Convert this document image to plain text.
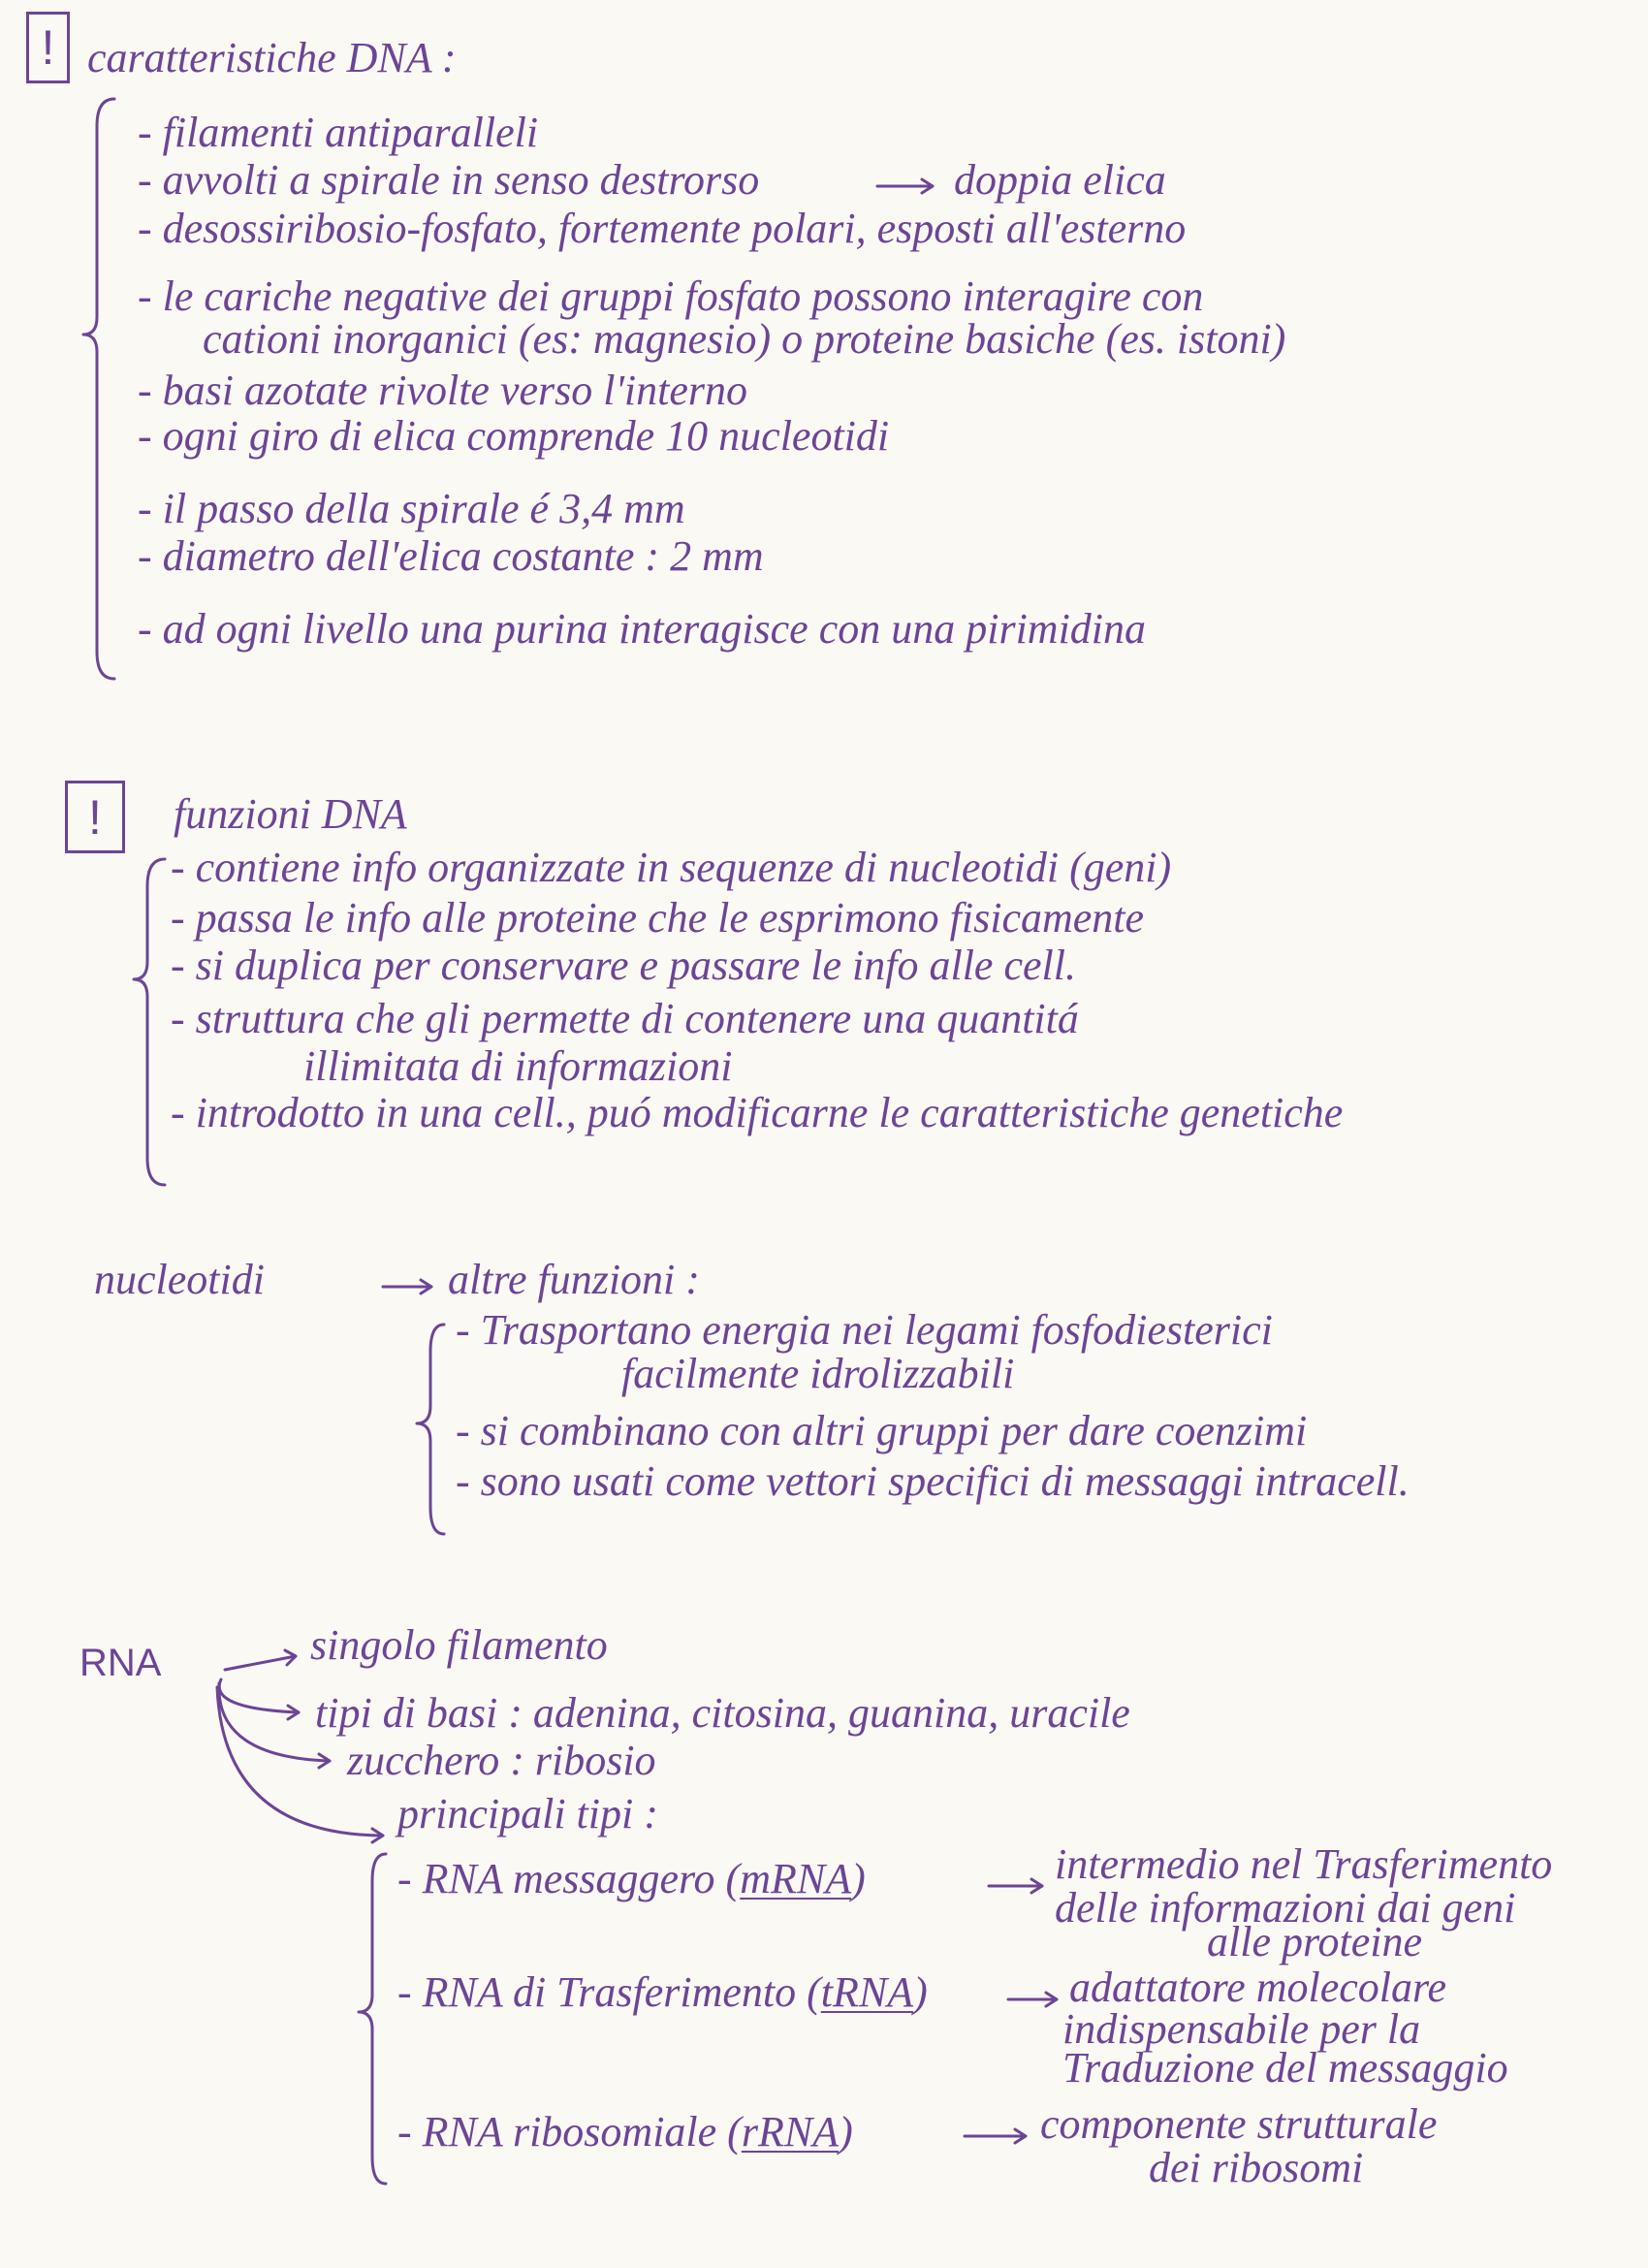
! caratteristiche DNA :
- filamenti antiparalleli
- avvolti a spirale in senso destrorso	doppia elica
- desossiribosio-fosfato, fortemente polari, esposti all'esterno
- le cariche negative dei gruppi fosfato possono interagire con
cationi inorganici (es: magnesio) o proteine basiche (es. istoni)
- basi azotate rivolte verso l'interno
- ogni giro di elica comprende 10 nucleotidi
- il passo della spirale é 3,4 mm
- diametro dell'elica costante : 2 mm
- ad ogni livello una purina interagisce con una pirimidina
! funzioni DNA
- contiene info organizzate in sequenze di nucleotidi (geni)
- passa le info alle proteine che le esprimono fisicamente
- si duplica per conservare e passare le info alle cell.
- struttura che gli permette di contenere una quantitá
illimitata di informazioni
- introdotto in una cell., puó modificarne le caratteristiche genetiche
nucleotidi	altre funzioni :
- Trasportano energia nei legami fosfodiesterici
facilmente idrolizzabili
- si combinano con altri gruppi per dare coenzimi
- sono usati come vettori specifici di messaggi intracell.
RNA	singolo filamento
tipi di basi : adenina, citosina, guanina, uracile
zucchero : ribosio
principali tipi :
- RNA messaggero (mRNA)	intermedio nel Trasferimento
delle informazioni dai geni
alle proteine
- RNA di Trasferimento (tRNA)	adattatore molecolare
indispensabile per la
Traduzione del messaggio
- RNA ribosomiale (rRNA)	componente strutturale
dei ribosomi
